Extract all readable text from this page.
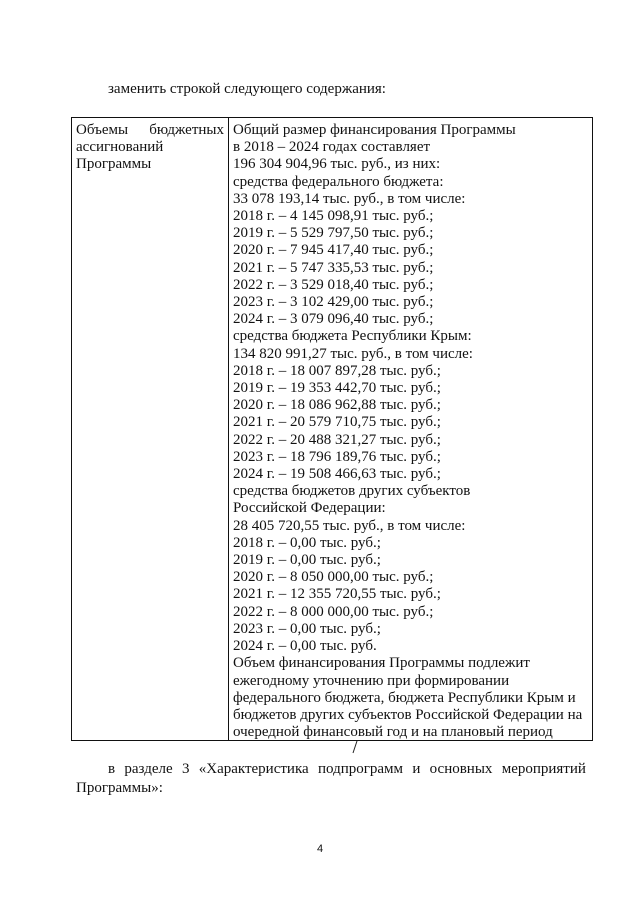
заменить строкой следующего содержания:
Объемы бюджетных
ассигнований
Программы
Общий размер финансирования Программы
в 2018 – 2024 годах составляет
196 304 904,96 тыс. руб., из них:
средства федерального бюджета:
33 078 193,14 тыс. руб., в том числе:
2018 г. – 4 145 098,91 тыс. руб.;
2019 г. – 5 529 797,50 тыс. руб.;
2020 г. – 7 945 417,40 тыс. руб.;
2021 г. – 5 747 335,53 тыс. руб.;
2022 г. – 3 529 018,40 тыс. руб.;
2023 г. – 3 102 429,00 тыс. руб.;
2024 г. – 3 079 096,40 тыс. руб.;
средства бюджета Республики Крым:
134 820 991,27 тыс. руб., в том числе:
2018 г. – 18 007 897,28 тыс. руб.;
2019 г. – 19 353 442,70 тыс. руб.;
2020 г. – 18 086 962,88 тыс. руб.;
2021 г. – 20 579 710,75 тыс. руб.;
2022 г. – 20 488 321,27 тыс. руб.;
2023 г. – 18 796 189,76 тыс. руб.;
2024 г. – 19 508 466,63 тыс. руб.;
средства бюджетов других субъектов
Российской Федерации:
28 405 720,55 тыс. руб., в том числе:
2018 г. – 0,00 тыс. руб.;
2019 г. – 0,00 тыс. руб.;
2020 г. – 8 050 000,00 тыс. руб.;
2021 г. – 12 355 720,55 тыс. руб.;
2022 г. – 8 000 000,00 тыс. руб.;
2023 г. – 0,00 тыс. руб.;
2024 г. – 0,00 тыс. руб.
Объем финансирования Программы подлежит
ежегодному уточнению при формировании
федерального бюджета, бюджета Республики Крым и
бюджетов других субъектов Российской Федерации на
очередной финансовый год и на плановый период
в разделе 3 «Характеристика подпрограмм и основных мероприятий
Программы»:
4
